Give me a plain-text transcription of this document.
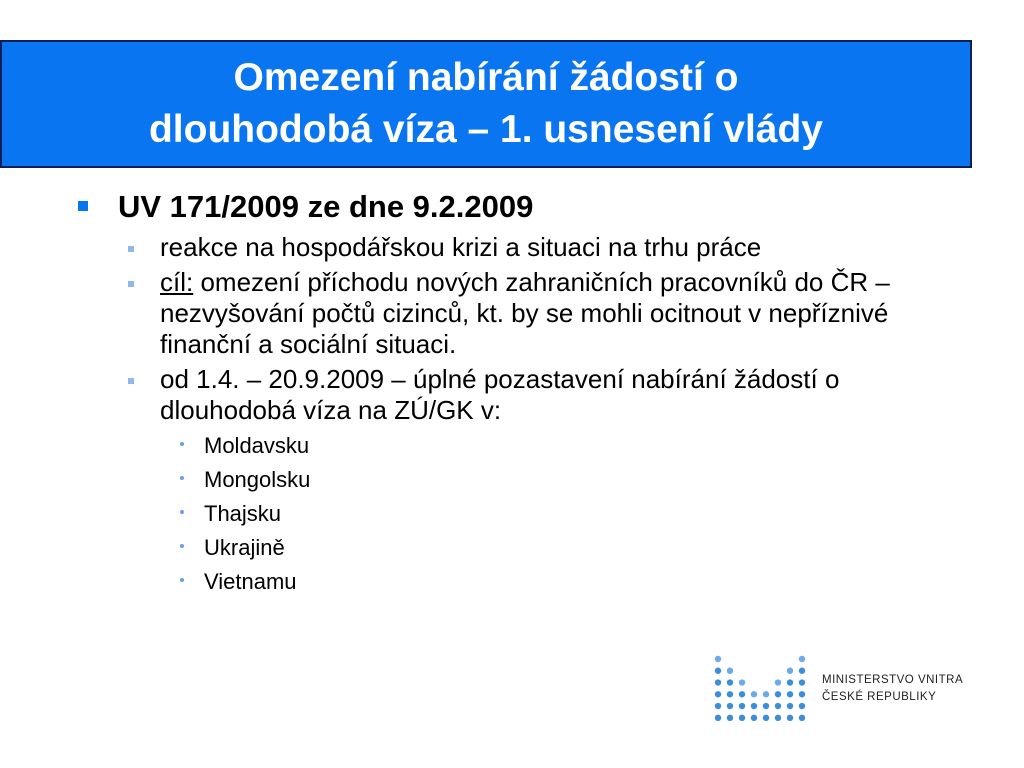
Omezení nabírání žádostí o
dlouhodobá víza – 1. usnesení vlády
UV 171/2009 ze dne 9.2.2009
reakce na hospodářskou krizi a situaci na trhu práce
cíl: omezení příchodu nových zahraničních pracovníků do ČR – nezvyšování počtů cizinců, kt. by se mohli ocitnout v nepříznivé finanční a sociální situaci.
od 1.4. – 20.9.2009 – úplné pozastavení nabírání žádostí o dlouhodobá víza na ZÚ/GK v:
Moldavsku
Mongolsku
Thajsku
Ukrajině
Vietnamu
MINISTERSTVO VNITRA
ČESKÉ REPUBLIKY
